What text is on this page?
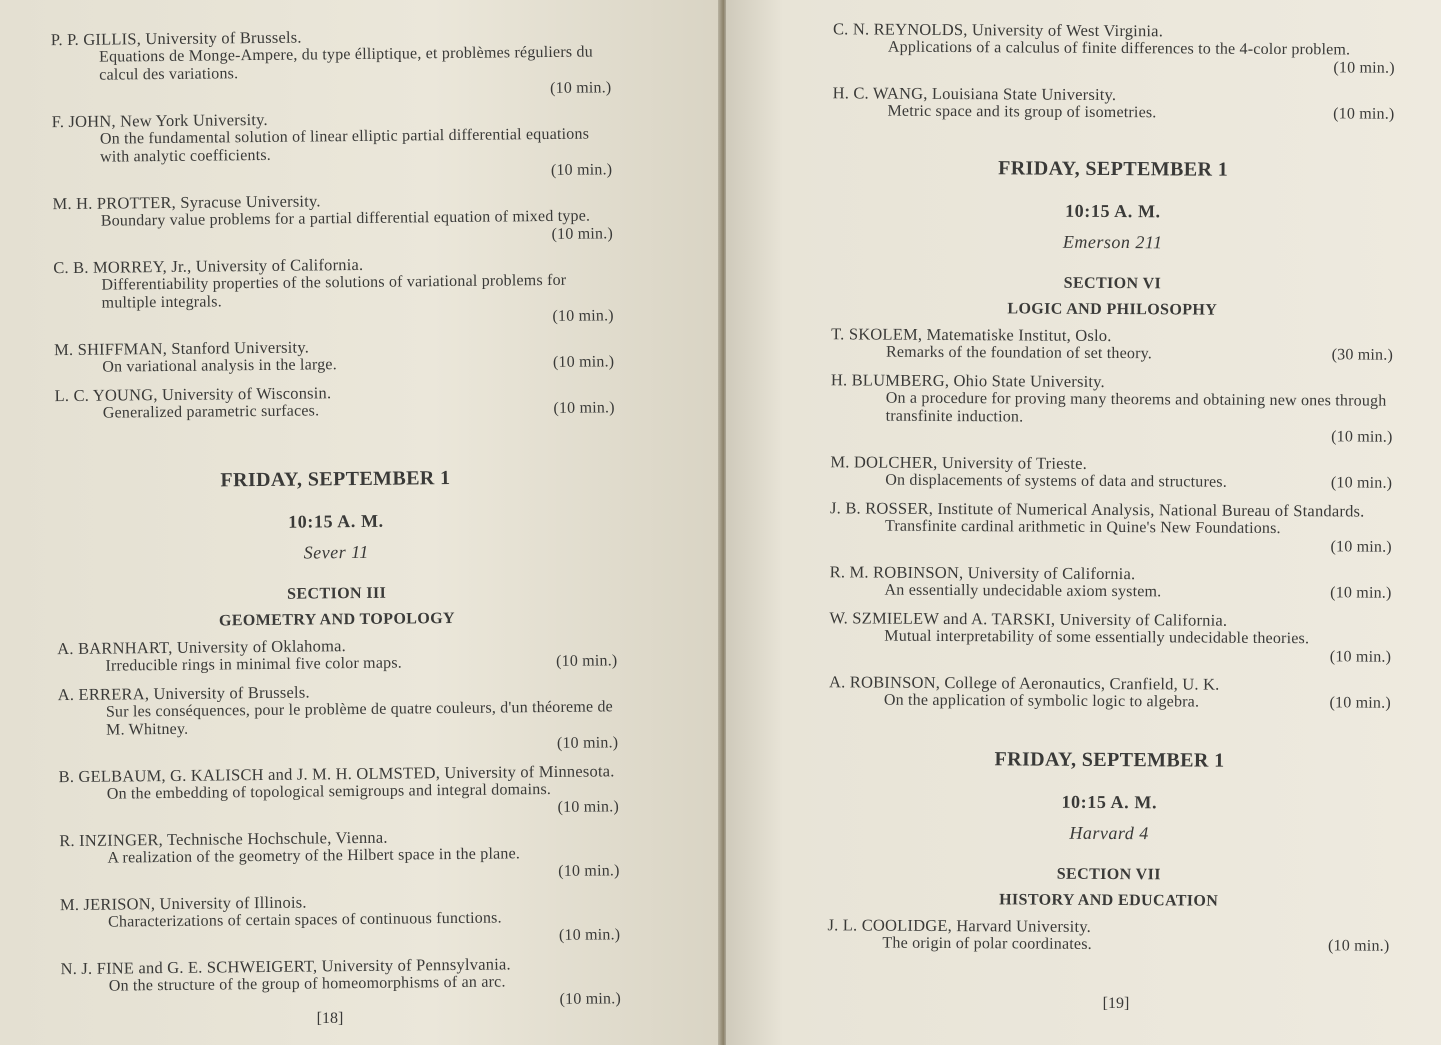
P. P. GILLIS, University of Brussels.
Equations de Monge-Ampere, du type élliptique, et problèmes réguliers du calcul des variations.
(10 min.)
F. JOHN, New York University.
On the fundamental solution of linear elliptic partial differential equations with analytic coefficients.
(10 min.)
M. H. PROTTER, Syracuse University.
Boundary value problems for a partial differential equation of mixed type.
(10 min.)
C. B. MORREY, Jr., University of California.
Differentiability properties of the solutions of variational problems for multiple integrals.
(10 min.)
M. SHIFFMAN, Stanford University.
On variational analysis in the large.	(10 min.)
L. C. YOUNG, University of Wisconsin.
Generalized parametric surfaces.	(10 min.)
FRIDAY, SEPTEMBER 1
10:15 A. M.
Sever 11
SECTION III
GEOMETRY AND TOPOLOGY
A. BARNHART, University of Oklahoma.
Irreducible rings in minimal five color maps.	(10 min.)
A. ERRERA, University of Brussels.
Sur les conséquences, pour le problème de quatre couleurs, d'un théoreme de M. Whitney.
(10 min.)
B. GELBAUM, G. KALISCH and J. M. H. OLMSTED, University of Minnesota.
On the embedding of topological semigroups and integral domains.
(10 min.)
R. INZINGER, Technische Hochschule, Vienna.
A realization of the geometry of the Hilbert space in the plane.
(10 min.)
M. JERISON, University of Illinois.
Characterizations of certain spaces of continuous functions.
(10 min.)
N. J. FINE and G. E. SCHWEIGERT, University of Pennsylvania.
On the structure of the group of homeomorphisms of an arc.
(10 min.)
[18]
[19]
C. N. REYNOLDS, University of West Virginia.
Applications of a calculus of finite differences to the 4-color problem.
(10 min.)
H. C. WANG, Louisiana State University.
Metric space and its group of isometries.	(10 min.)
FRIDAY, SEPTEMBER 1
10:15 A. M.
Emerson 211
SECTION VI
LOGIC AND PHILOSOPHY
T. SKOLEM, Matematiske Institut, Oslo.
Remarks of the foundation of set theory.	(30 min.)
H. BLUMBERG, Ohio State University.
On a procedure for proving many theorems and obtaining new ones through transfinite induction.
(10 min.)
M. DOLCHER, University of Trieste.
On displacements of systems of data and structures.	(10 min.)
J. B. ROSSER, Institute of Numerical Analysis, National Bureau of Standards.
Transfinite cardinal arithmetic in Quine's New Foundations.
(10 min.)
R. M. ROBINSON, University of California.
An essentially undecidable axiom system.	(10 min.)
W. SZMIELEW and A. TARSKI, University of California.
Mutual interpretability of some essentially undecidable theories.
(10 min.)
A. ROBINSON, College of Aeronautics, Cranfield, U. K.
On the application of symbolic logic to algebra.	(10 min.)
FRIDAY, SEPTEMBER 1
10:15 A. M.
Harvard 4
SECTION VII
HISTORY AND EDUCATION
J. L. COOLIDGE, Harvard University.
The origin of polar coordinates.	(10 min.)
